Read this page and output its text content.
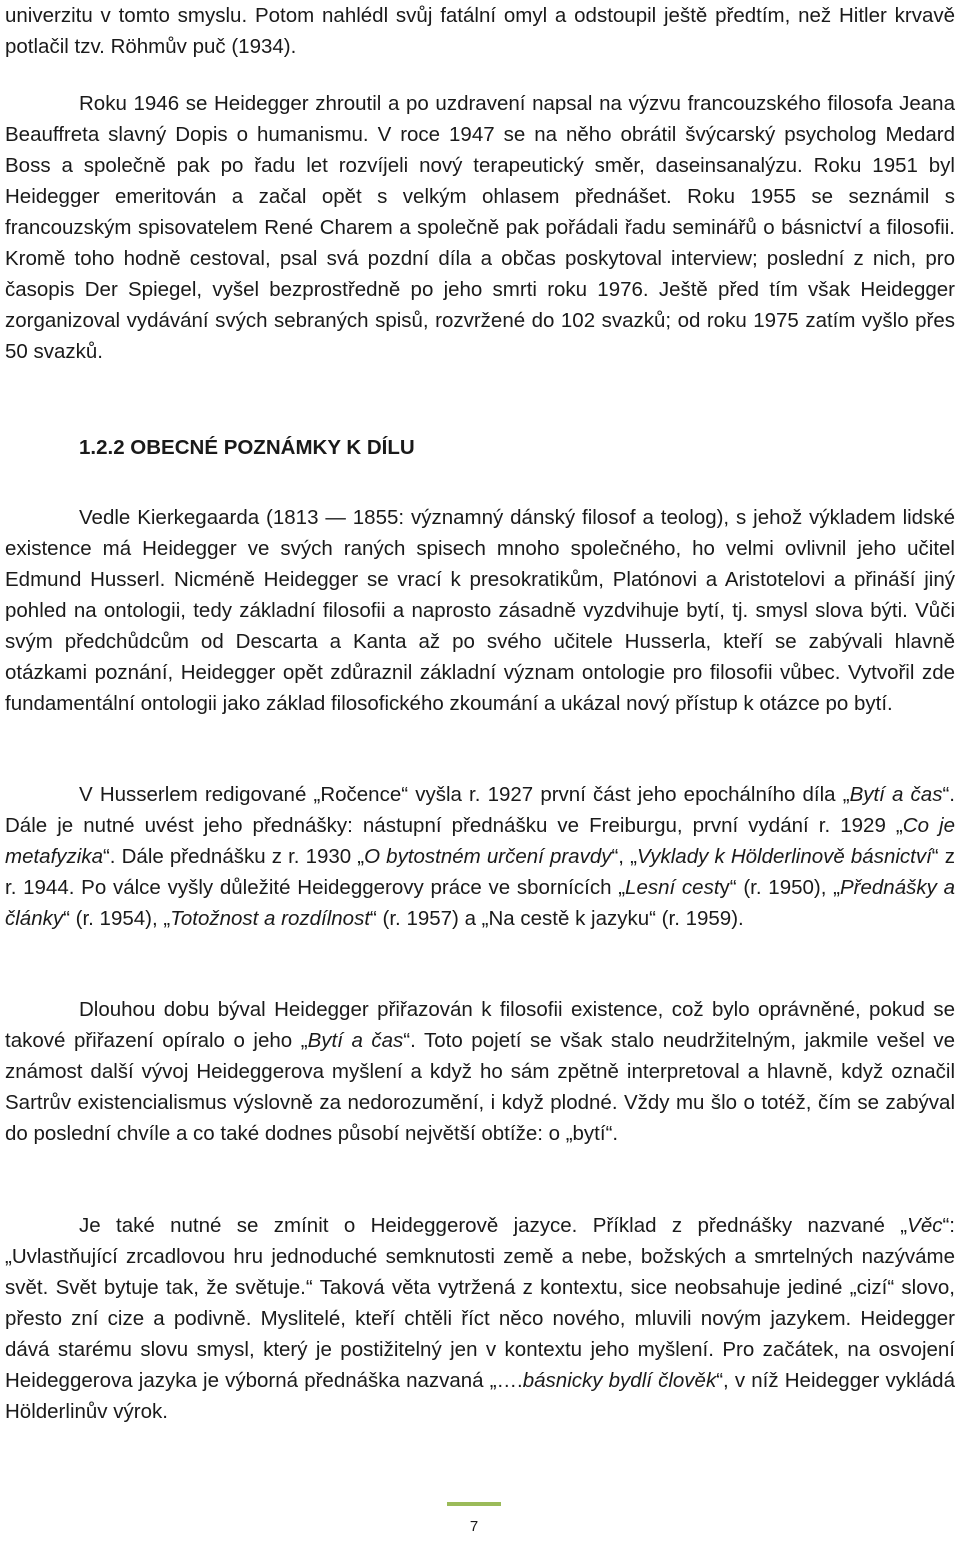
univerzitu v tomto smyslu. Potom nahlédl svůj fatální omyl a odstoupil ještě předtím, než Hitler krvavě potlačil tzv. Röhmův puč (1934).

Roku 1946 se Heidegger zhroutil a po uzdravení napsal na výzvu francouzského filosofa Jeana Beauffreta slavný Dopis o humanismu. V roce 1947 se na něho obrátil švýcarský psycholog Medard Boss a společně pak po řadu let rozvíjeli nový terapeutický směr, daseinsanalýzu. Roku 1951 byl Heidegger emeritován a začal opět s velkým ohlasem přednášet. Roku 1955 se seznámil s francouzským spisovatelem René Charem a společně pak pořádali řadu seminářů o básnictví a filosofii. Kromě toho hodně cestoval, psal svá pozdní díla a občas poskytoval interview; poslední z nich, pro časopis Der Spiegel, vyšel bezprostředně po jeho smrti roku 1976. Ještě před tím však Heidegger zorganizoval vydávání svých sebraných spisů, rozvržené do 102 svazků; od roku 1975 zatím vyšlo přes 50 svazků.

1.2.2 OBECNÉ POZNÁMKY K DÍLU

Vedle Kierkegaarda (1813 — 1855: významný dánský filosof a teolog), s jehož výkladem lidské existence má Heidegger ve svých raných spisech mnoho společného, ho velmi ovlivnil jeho učitel Edmund Husserl. Nicméně Heidegger se vrací k presokratikům, Platónovi a Aristotelovi a přináší jiný pohled na ontologii, tedy základní filosofii a naprosto zásadně vyzdvihuje bytí, tj. smysl slova býti. Vůči svým předchůdcům od Descarta a Kanta až po svého učitele Husserla, kteří se zabývali hlavně otázkami poznání, Heidegger opět zdůraznil základní význam ontologie pro filosofii vůbec. Vytvořil zde fundamentální ontologii jako základ filosofického zkoumání a ukázal nový přístup k otázce po bytí.

V Husserlem redigované „Ročence“ vyšla r. 1927 první část jeho epochálního díla „Bytí a čas“. Dále je nutné uvést jeho přednášky: nástupní přednášku ve Freiburgu, první vydání r. 1929 „Co je metafyzika“. Dále přednášku z r. 1930 „O bytostném určení pravdy“, „Vyklady k Hölderlinově básnictví“ z r. 1944. Po válce vyšly důležité Heideggerovy práce ve sbornících „Lesní cesty“ (r. 1950), „Přednášky a články“ (r. 1954), „Totožnost a rozdílnost“ (r. 1957) a „Na cestě k jazyku“ (r. 1959).

Dlouhou dobu býval Heidegger přiřazován k filosofii existence, což bylo oprávněné, pokud se takové přiřazení opíralo o jeho „Bytí a čas“. Toto pojetí se však stalo neudržitelným, jakmile vešel ve známost další vývoj Heideggerova myšlení a když ho sám zpětně interpretoval a hlavně, když označil Sartrův existencialismus výslovně za nedorozumění, i když plodné. Vždy mu šlo o totéž, čím se zabýval do poslední chvíle a co také dodnes působí největší obtíže: o „bytí“.

Je také nutné se zmínit o Heideggerově jazyce. Příklad z přednášky nazvané „Věc“: „Uvlastňující zrcadlovou hru jednoduché semknutosti země a nebe, božských a smrtelných nazýváme svět. Svět bytuje tak, že světuje.“ Taková věta vytržená z kontextu, sice neobsahuje jediné „cizí“ slovo, přesto zní cize a podivně. Myslitelé, kteří chtěli říct něco nového, mluvili novým jazykem. Heidegger dává starému slovu smysl, který je postižitelný jen v kontextu jeho myšlení. Pro začátek, na osvojení Heideggerova jazyka je výborná přednáška nazvaná „….básnicky bydlí člověk“, v níž Heidegger vykládá Hölderlinův výrok.

7
